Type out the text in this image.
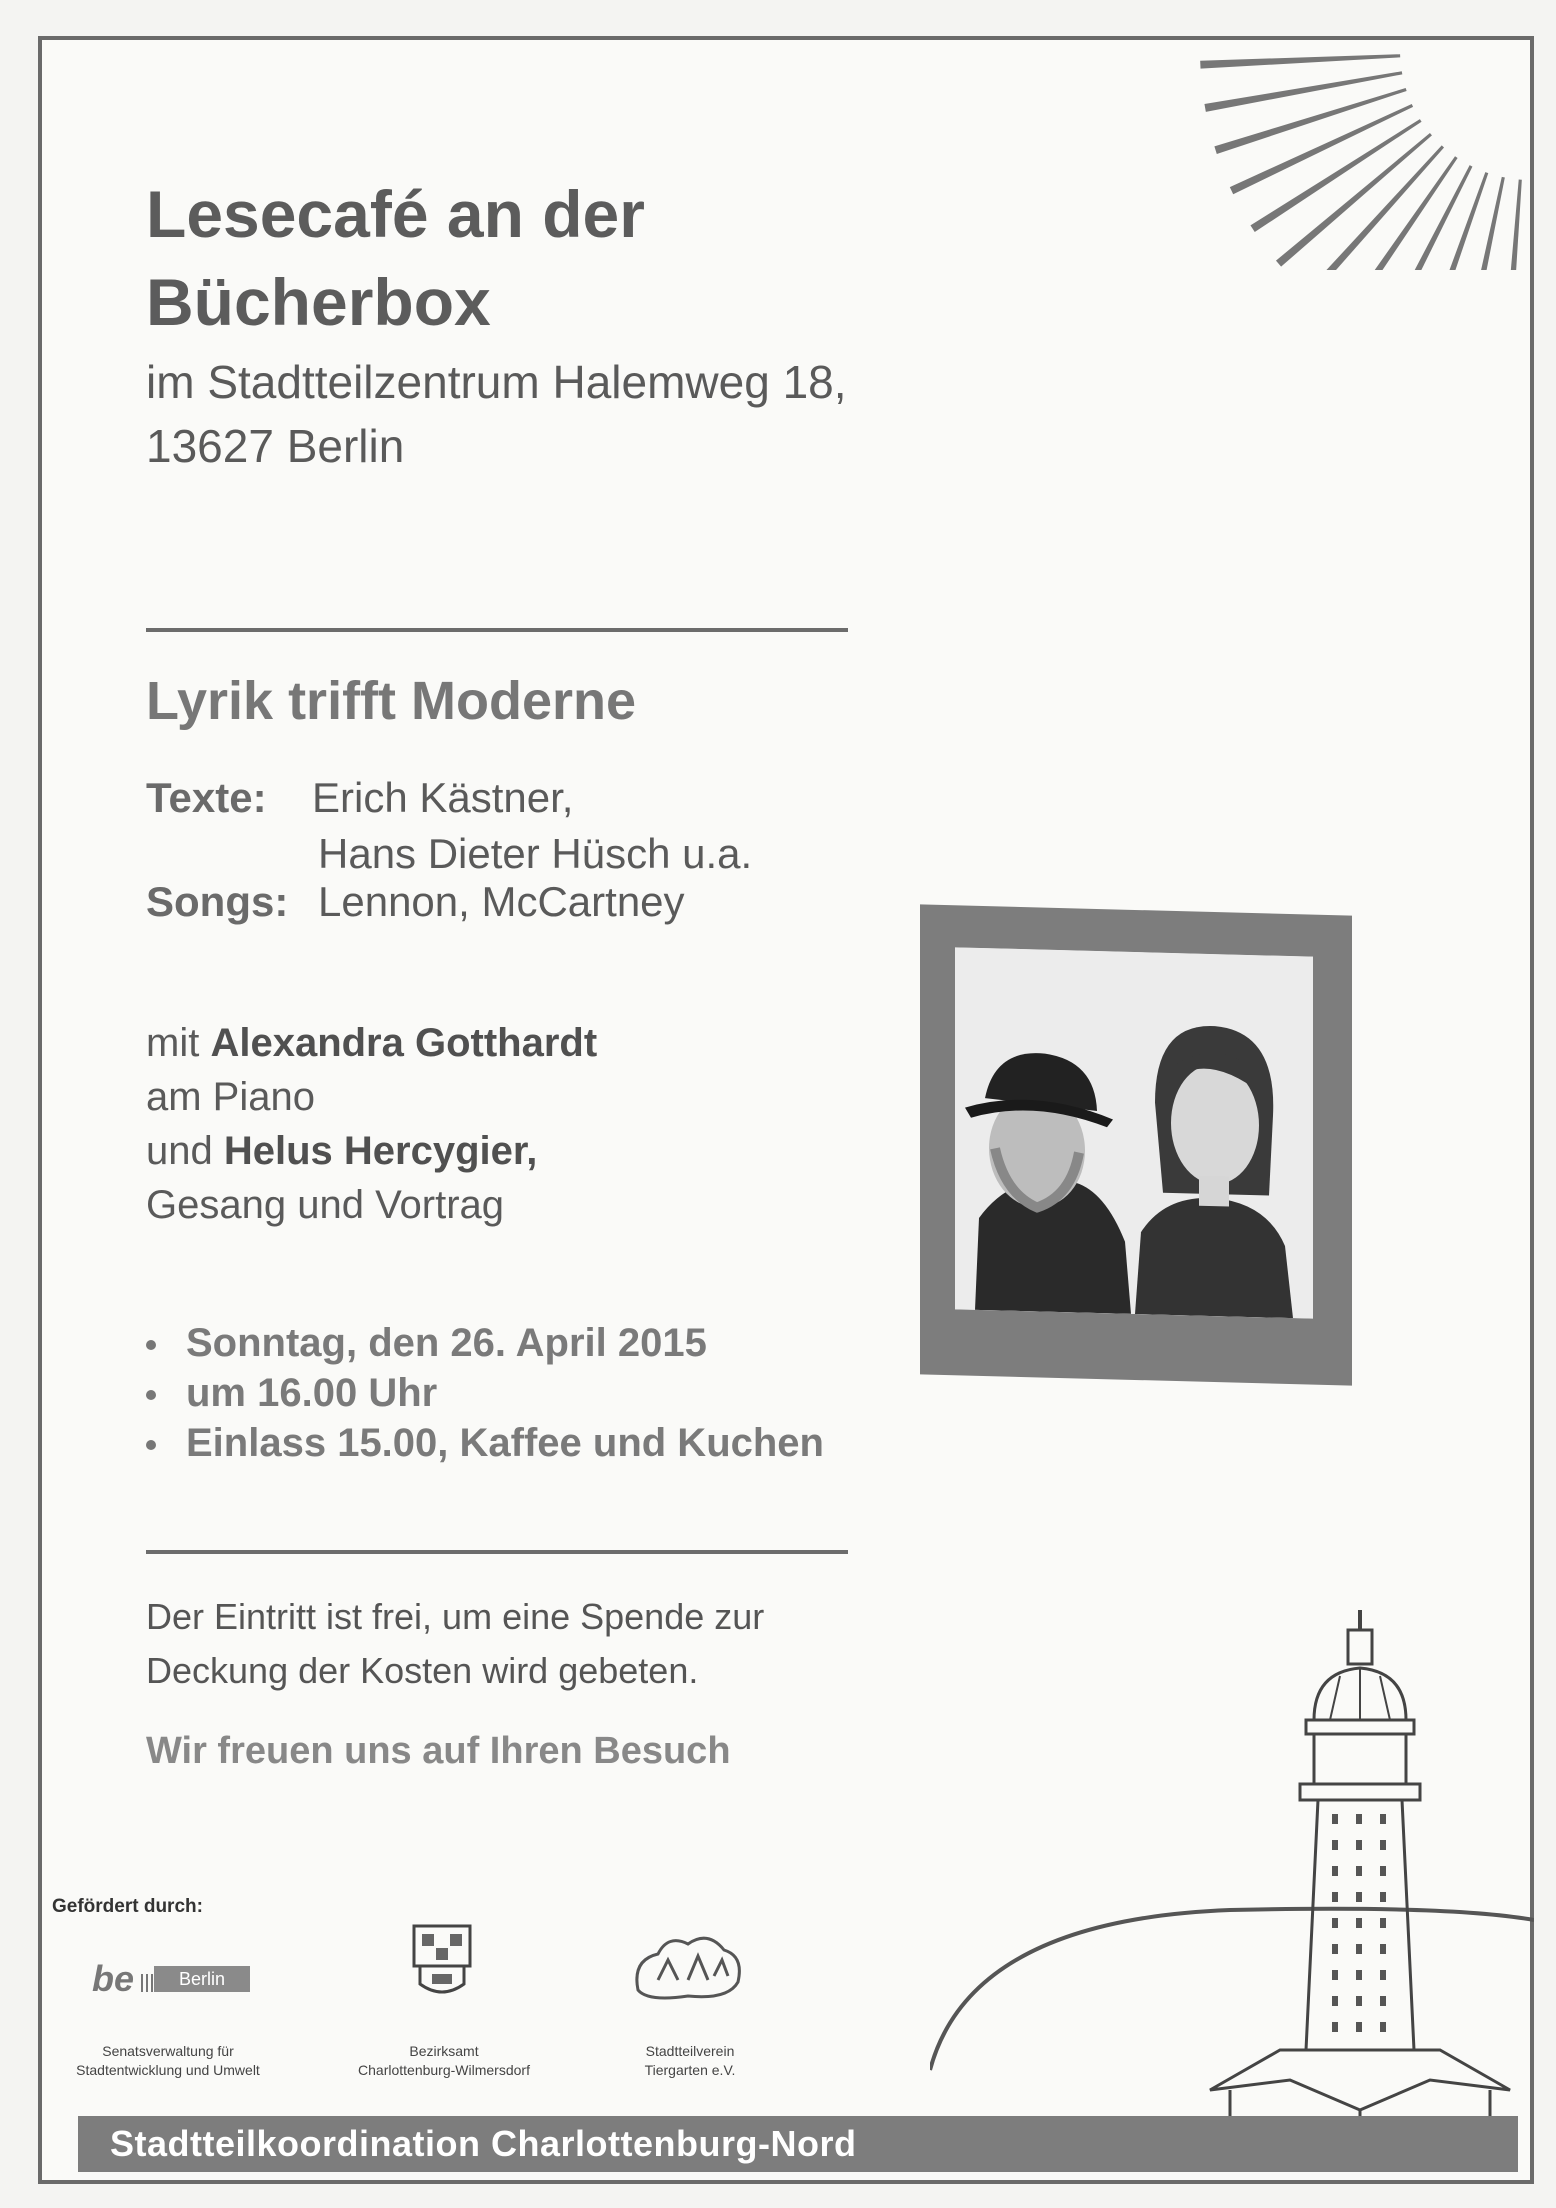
Lesecafé an der
Bücherbox
im Stadtteilzentrum Halemweg 18,
13627 Berlin
Lyrik trifft Moderne
Texte: Erich Kästner,
Hans Dieter Hüsch u.a.
Songs: Lennon, McCartney
mit Alexandra Gotthardt
am Piano
und Helus Hercygier,
Gesang und Vortrag
Sonntag, den 26. April 2015
um 16.00 Uhr
Einlass 15.00, Kaffee und Kuchen
Der Eintritt ist frei, um eine Spende zur
Deckung der Kosten wird gebeten.
Wir freuen uns auf Ihren Besuch
Gefördert durch:
be	Berlin
Senatsverwaltung für
Stadtentwicklung und Umwelt
Bezirksamt
Charlottenburg-Wilmersdorf
Stadtteilverein
Tiergarten e.V.
Stadtteilkoordination Charlottenburg-Nord
